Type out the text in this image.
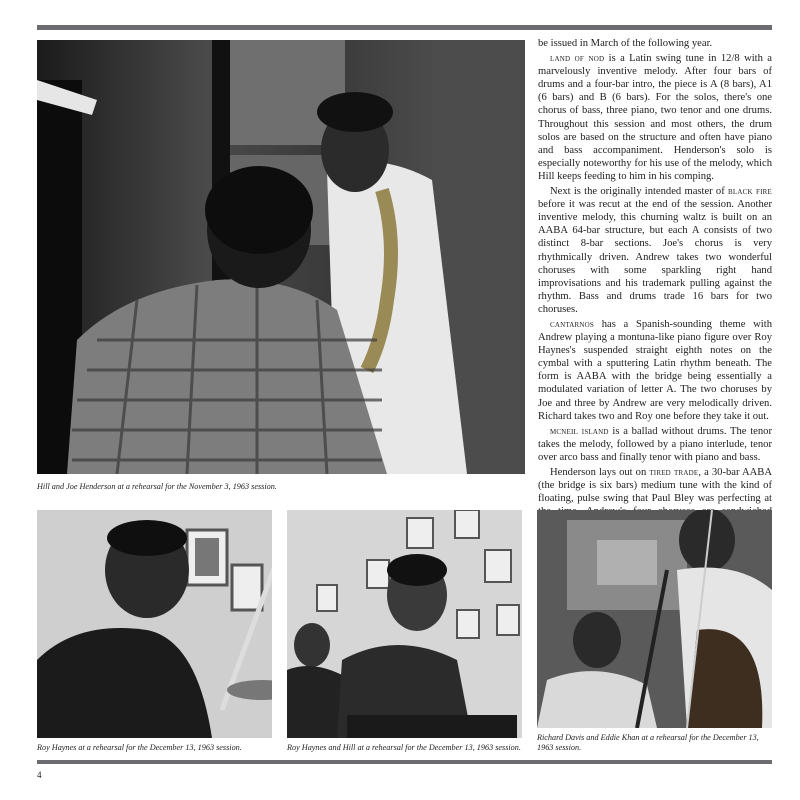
Hill and Joe Henderson at a rehearsal for the November 3, 1963 session.

be issued in March of the following year.

land of nod is a Latin swing tune in 12/8 with a marvelously inventive melody. After four bars of drums and a four-bar intro, the piece is A (8 bars), A1 (6 bars) and B (6 bars). For the solos, there's one chorus of bass, three piano, two tenor and one drums. Throughout this session and most others, the drum solos are based on the structure and often have piano and bass accompaniment. Henderson's solo is especially noteworthy for his use of the melody, which Hill keeps feeding to him in his comping.

Next is the originally intended master of black fire before it was recut at the end of the session. Another inventive melody, this churning waltz is built on an AABA 64-bar structure, but each A consists of two distinct 8-bar sections. Joe's chorus is very rhythmically driven. Andrew takes two wonderful choruses with some sparkling right hand improvisations and his trademark pulling against the rhythm. Bass and drums trade 16 bars for two choruses.

cantarnos has a Spanish-sounding theme with Andrew playing a montuna-like piano figure over Roy Haynes's suspended straight eighth notes on the cymbal with a sputtering Latin rhythm beneath. The form is AABA with the bridge being essentially a modulated variation of letter A. The two choruses by Joe and three by Andrew are very melodically driven. Richard takes two and Roy one before they take it out.

mcneil island is a ballad without drums. The tenor takes the melody, followed by a piano interlude, tenor over arco bass and finally tenor with piano and bass.

Henderson lays out on tired trade, a 30-bar AABA (the bridge is six bars) medium tune with the kind of floating, pulse swing that Paul Bley was perfecting at

Roy Haynes at a rehearsal for the December 13, 1963 session.	Roy Haynes and Hill at a rehearsal for the December 13, 1963 session.
Richard Davis and Eddie Khan at a rehearsal for the December 13, 1963 session.
4
